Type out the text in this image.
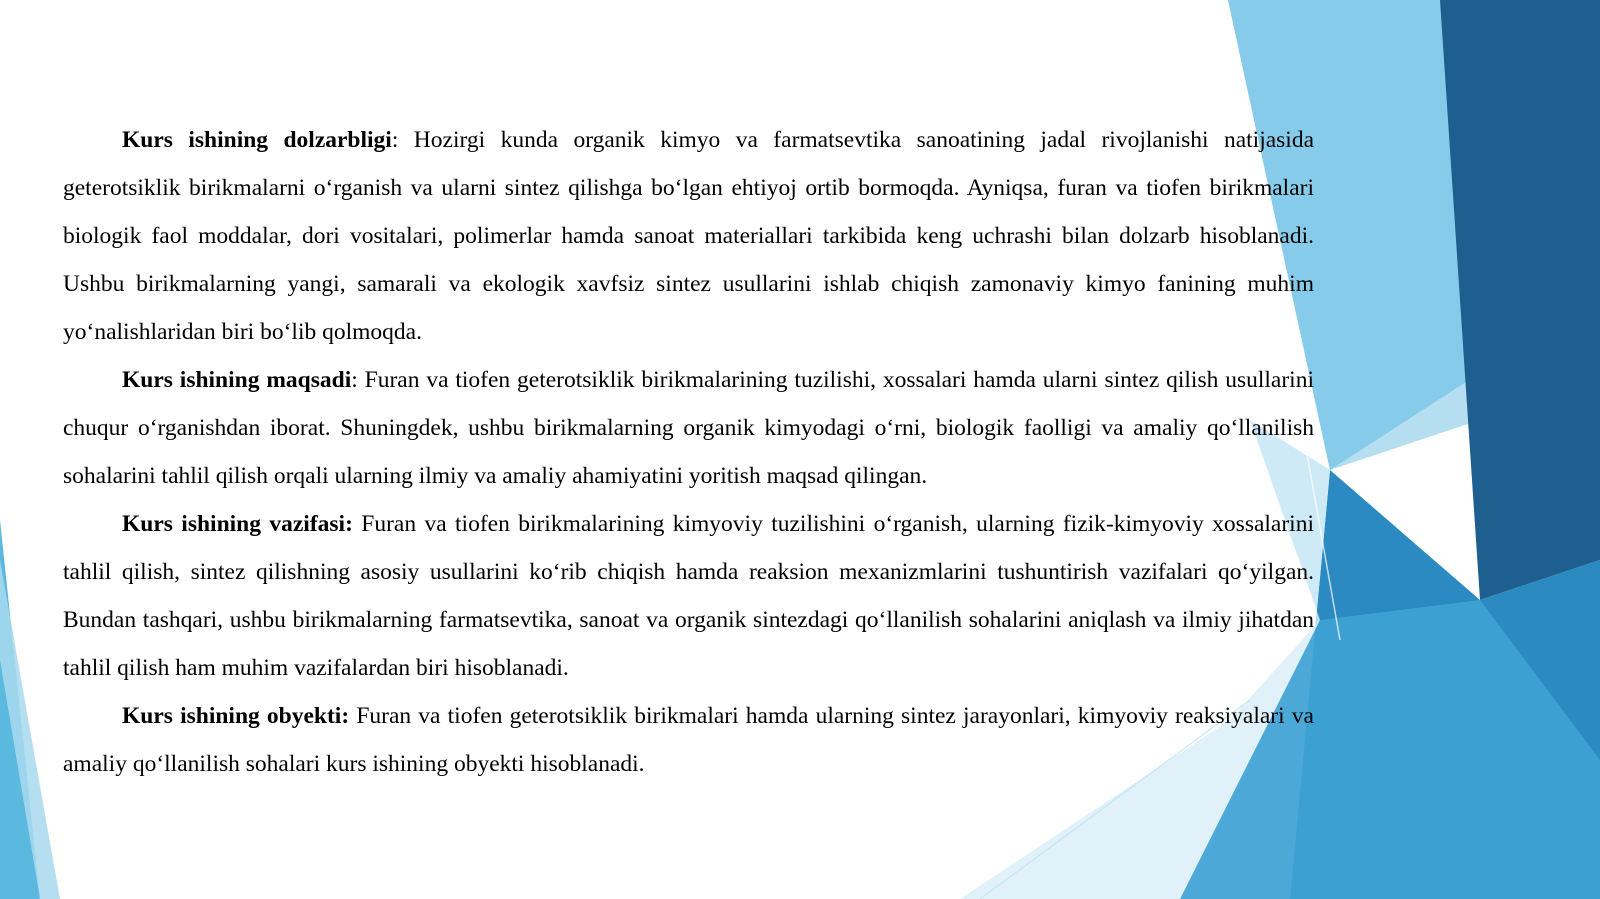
Kurs ishining dolzarbligi: Hozirgi kunda organik kimyo va farmatsevtika sanoatining jadal rivojlanishi natijasida geterotsiklik birikmalarni o‘rganish va ularni sintez qilishga bo‘lgan ehtiyoj ortib bormoqda. Ayniqsa, furan va tiofen birikmalari biologik faol moddalar, dori vositalari, polimerlar hamda sanoat materiallari tarkibida keng uchrashi bilan dolzarb hisoblanadi. Ushbu birikmalarning yangi, samarali va ekologik xavfsiz sintez usullarini ishlab chiqish zamonaviy kimyo fanining muhim yo‘nalishlaridan biri bo‘lib qolmoqda.

Kurs ishining maqsadi: Furan va tiofen geterotsiklik birikmalarining tuzilishi, xossalari hamda ularni sintez qilish usullarini chuqur o‘rganishdan iborat. Shuningdek, ushbu birikmalarning organik kimyodagi o‘rni, biologik faolligi va amaliy qo‘llanilish sohalarini tahlil qilish orqali ularning ilmiy va amaliy ahamiyatini yoritish maqsad qilingan.

Kurs ishining vazifasi: Furan va tiofen birikmalarining kimyoviy tuzilishini o‘rganish, ularning fizik-kimyoviy xossalarini tahlil qilish, sintez qilishning asosiy usullarini ko‘rib chiqish hamda reaksion mexanizmlarini tushuntirish vazifalari qo‘yilgan. Bundan tashqari, ushbu birikmalarning farmatsevtika, sanoat va organik sintezdagi qo‘llanilish sohalarini aniqlash va ilmiy jihatdan tahlil qilish ham muhim vazifalardan biri hisoblanadi.

Kurs ishining obyekti: Furan va tiofen geterotsiklik birikmalari hamda ularning sintez jarayonlari, kimyoviy reaksiyalari va amaliy qo‘llanilish sohalari kurs ishining obyekti hisoblanadi.
